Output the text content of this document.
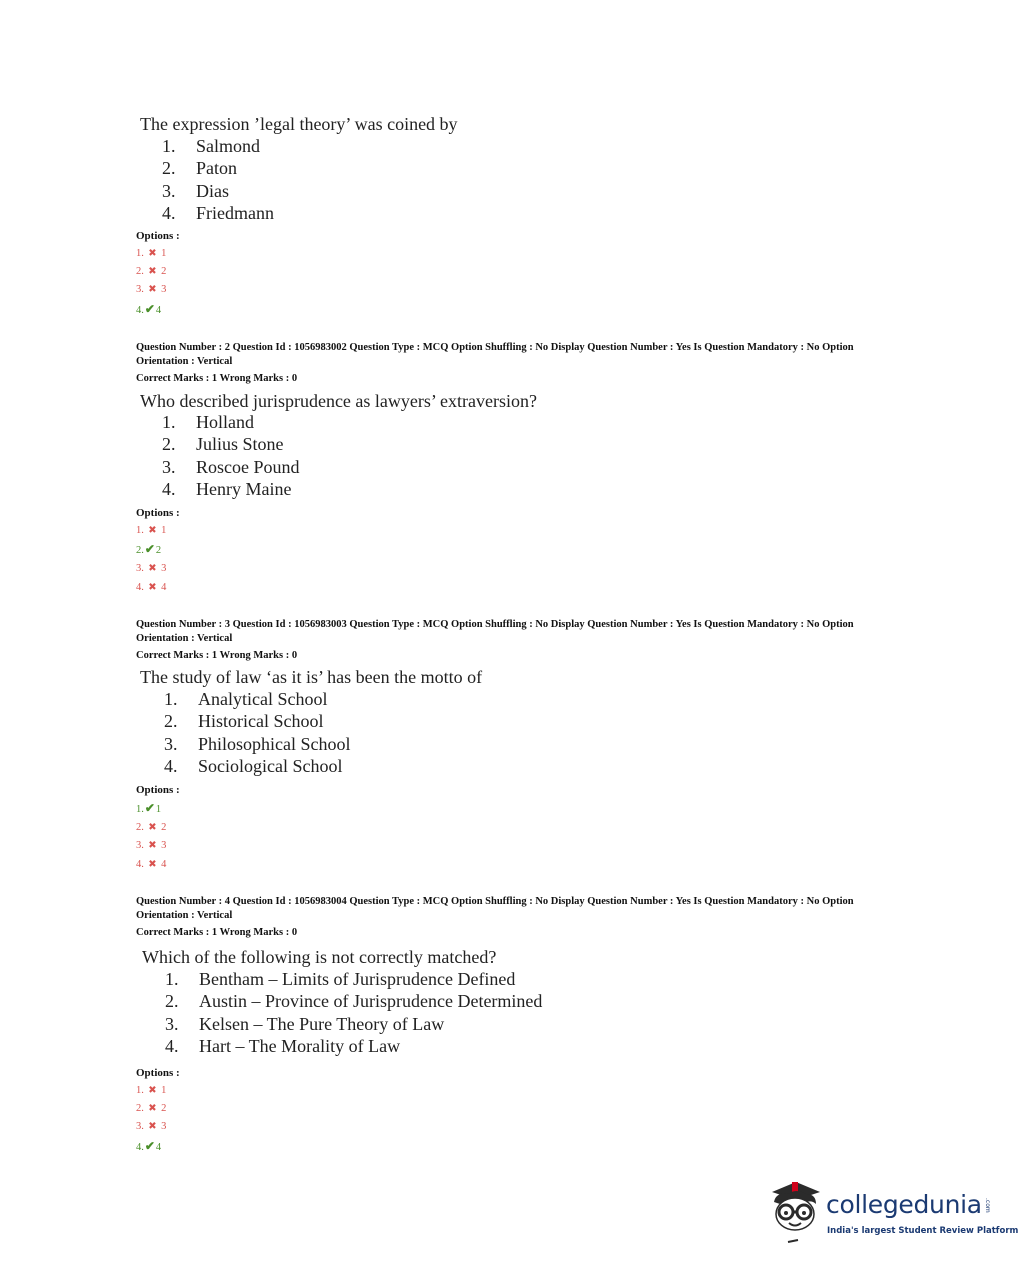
The expression ’legal theory’ was coined by
1. Salmond
2. Paton
3. Dias
4. Friedmann
Options :
1. ✖ 1
2. ✖ 2
3. ✖ 3
4.✔4
Question Number : 2 Question Id : 1056983002 Question Type : MCQ Option Shuffling : No Display Question Number : Yes Is Question Mandatory : No Option Orientation : Vertical
Correct Marks : 1 Wrong Marks : 0
Who described jurisprudence as lawyers’ extraversion?
1. Holland
2. Julius Stone
3. Roscoe Pound
4. Henry Maine
Options :
1. ✖ 1
2.✔2
3. ✖ 3
4. ✖ 4
Question Number : 3 Question Id : 1056983003 Question Type : MCQ Option Shuffling : No Display Question Number : Yes Is Question Mandatory : No Option Orientation : Vertical
Correct Marks : 1 Wrong Marks : 0
The study of law ‘as it is’ has been the motto of
1. Analytical School
2. Historical School
3. Philosophical School
4. Sociological School
Options :
1.✔1
2. ✖ 2
3. ✖ 3
4. ✖ 4
Question Number : 4 Question Id : 1056983004 Question Type : MCQ Option Shuffling : No Display Question Number : Yes Is Question Mandatory : No Option Orientation : Vertical
Correct Marks : 1 Wrong Marks : 0
Which of the following is not correctly matched?
1. Bentham – Limits of Jurisprudence Defined
2. Austin – Province of Jurisprudence Determined
3. Kelsen – The Pure Theory of Law
4. Hart – The Morality of Law
Options :
1. ✖ 1
2. ✖ 2
3. ✖ 3
4.✔4
collegedunia .com
India's largest Student Review Platform
